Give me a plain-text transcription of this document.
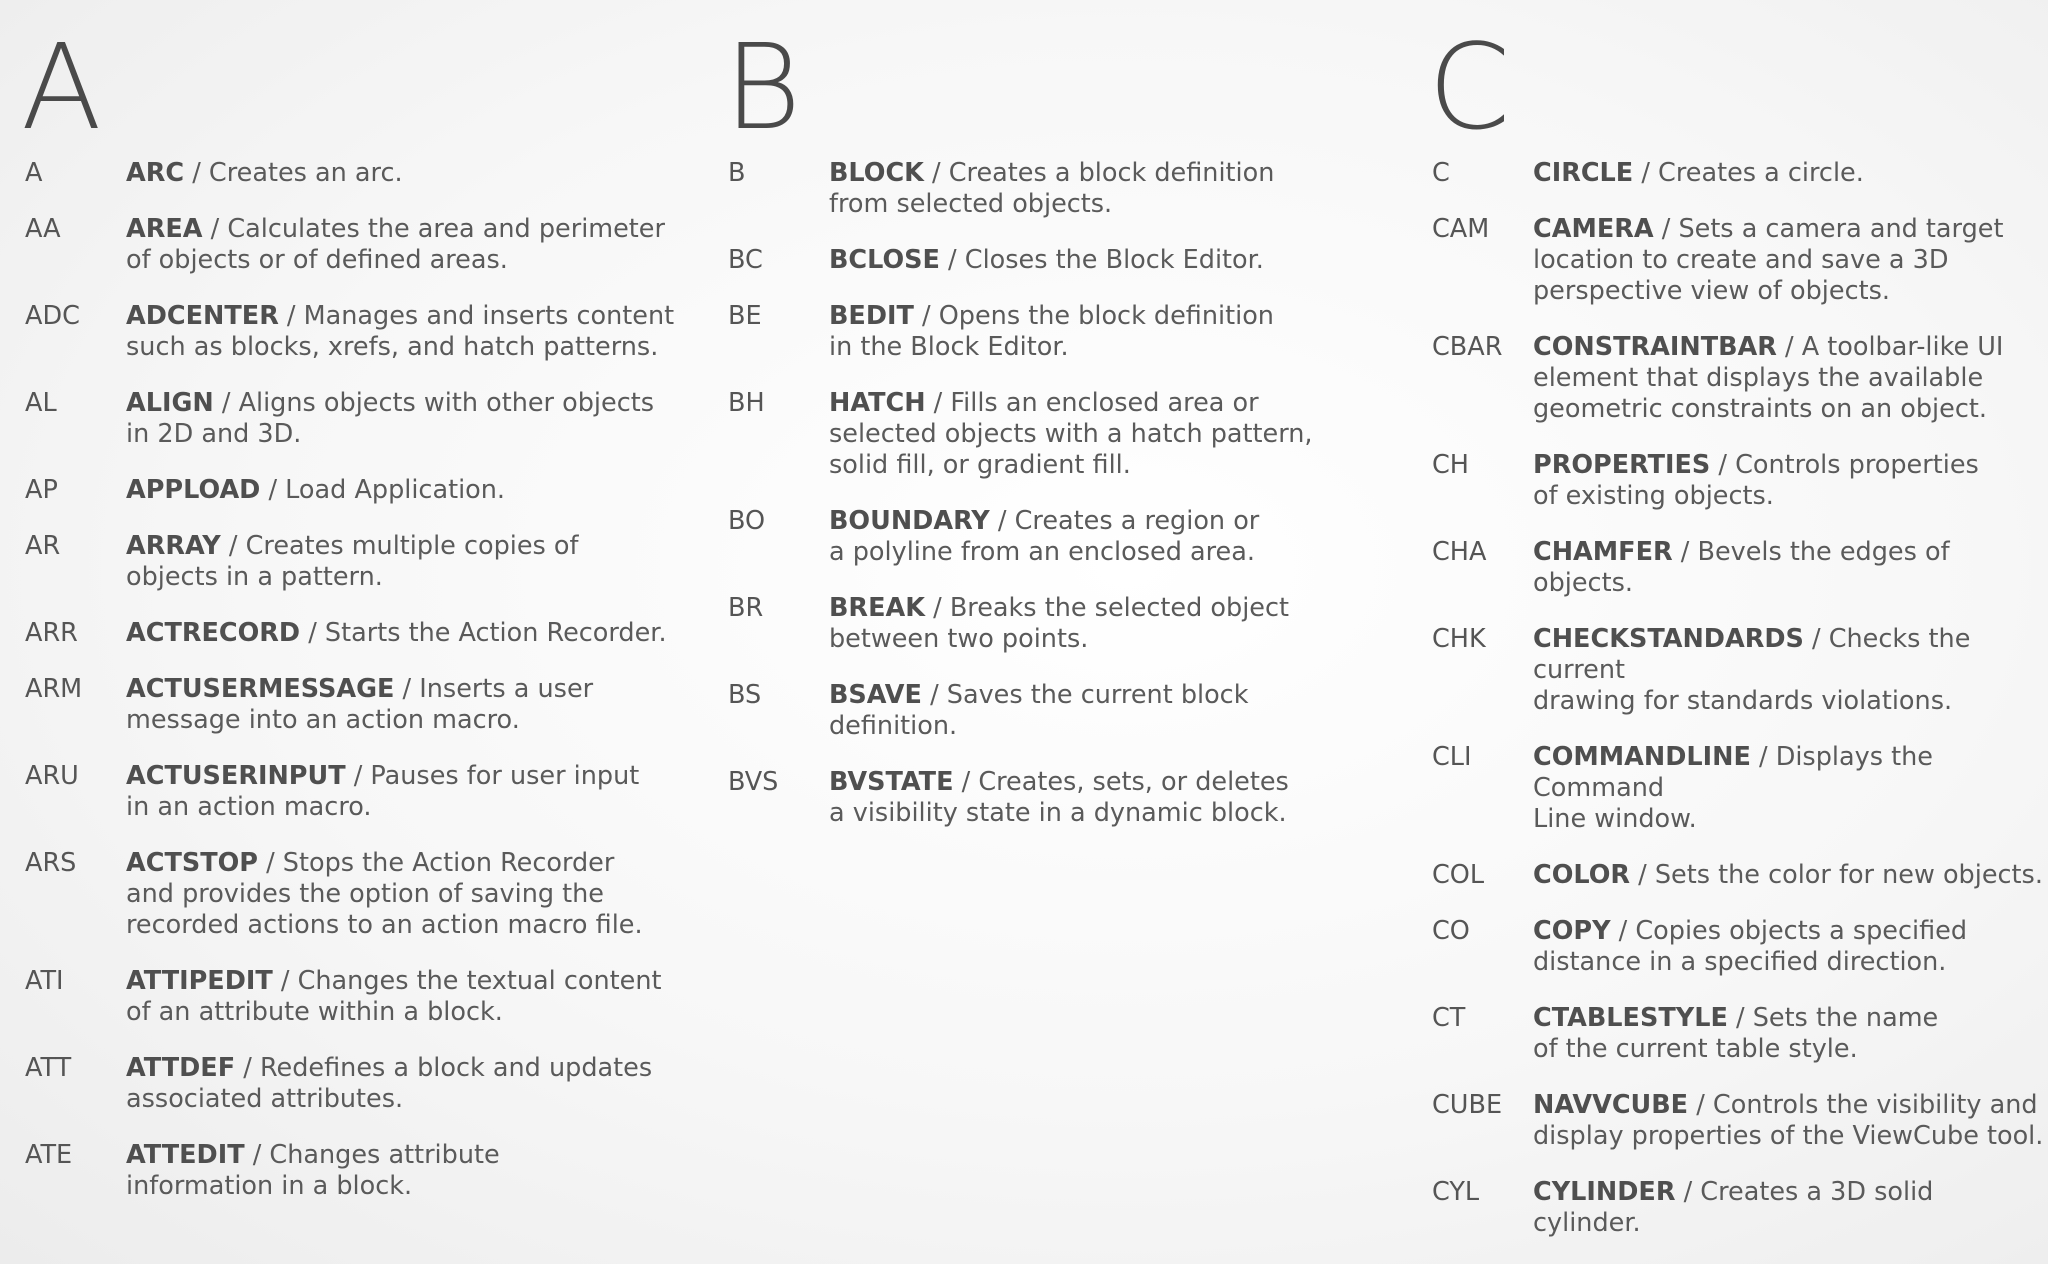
A
A	ARC / Creates an arc.
AA	AREA / Calculates the area and perimeter
of objects or of defined areas.
ADC	ADCENTER / Manages and inserts content
such as blocks, xrefs, and hatch patterns.
AL	ALIGN / Aligns objects with other objects
in 2D and 3D.
AP	APPLOAD / Load Application.
AR	ARRAY / Creates multiple copies of
objects in a pattern.
ARR	ACTRECORD / Starts the Action Recorder.
ARM	ACTUSERMESSAGE / Inserts a user
message into an action macro.
ARU	ACTUSERINPUT / Pauses for user input
in an action macro.
ARS	ACTSTOP / Stops the Action Recorder
and provides the option of saving the
recorded actions to an action macro file.
ATI	ATTIPEDIT / Changes the textual content
of an attribute within a block.
ATT	ATTDEF / Redefines a block and updates
associated attributes.
ATE	ATTEDIT / Changes attribute
information in a block.
B
B	BLOCK / Creates a block definition
from selected objects.
BC	BCLOSE / Closes the Block Editor.
BE	BEDIT / Opens the block definition
in the Block Editor.
BH	HATCH / Fills an enclosed area or
selected objects with a hatch pattern,
solid fill, or gradient fill.
BO	BOUNDARY / Creates a region or
a polyline from an enclosed area.
BR	BREAK / Breaks the selected object
between two points.
BS	BSAVE / Saves the current block
definition.
BVS	BVSTATE / Creates, sets, or deletes
a visibility state in a dynamic block.
C
C	CIRCLE / Creates a circle.
CAM	CAMERA / Sets a camera and target
location to create and save a 3D
perspective view of objects.
CBAR	CONSTRAINTBAR / A toolbar-like UI
element that displays the available
geometric constraints on an object.
CH	PROPERTIES / Controls properties
of existing objects.
CHA	CHAMFER / Bevels the edges of objects.
CHK	CHECKSTANDARDS / Checks the current
drawing for standards violations.
CLI	COMMANDLINE / Displays the Command
Line window.
COL	COLOR / Sets the color for new objects.
CO	COPY / Copies objects a specified
distance in a specified direction.
CT	CTABLESTYLE / Sets the name
of the current table style.
CUBE	NAVVCUBE / Controls the visibility and
display properties of the ViewCube tool.
CYL	CYLINDER / Creates a 3D solid cylinder.
